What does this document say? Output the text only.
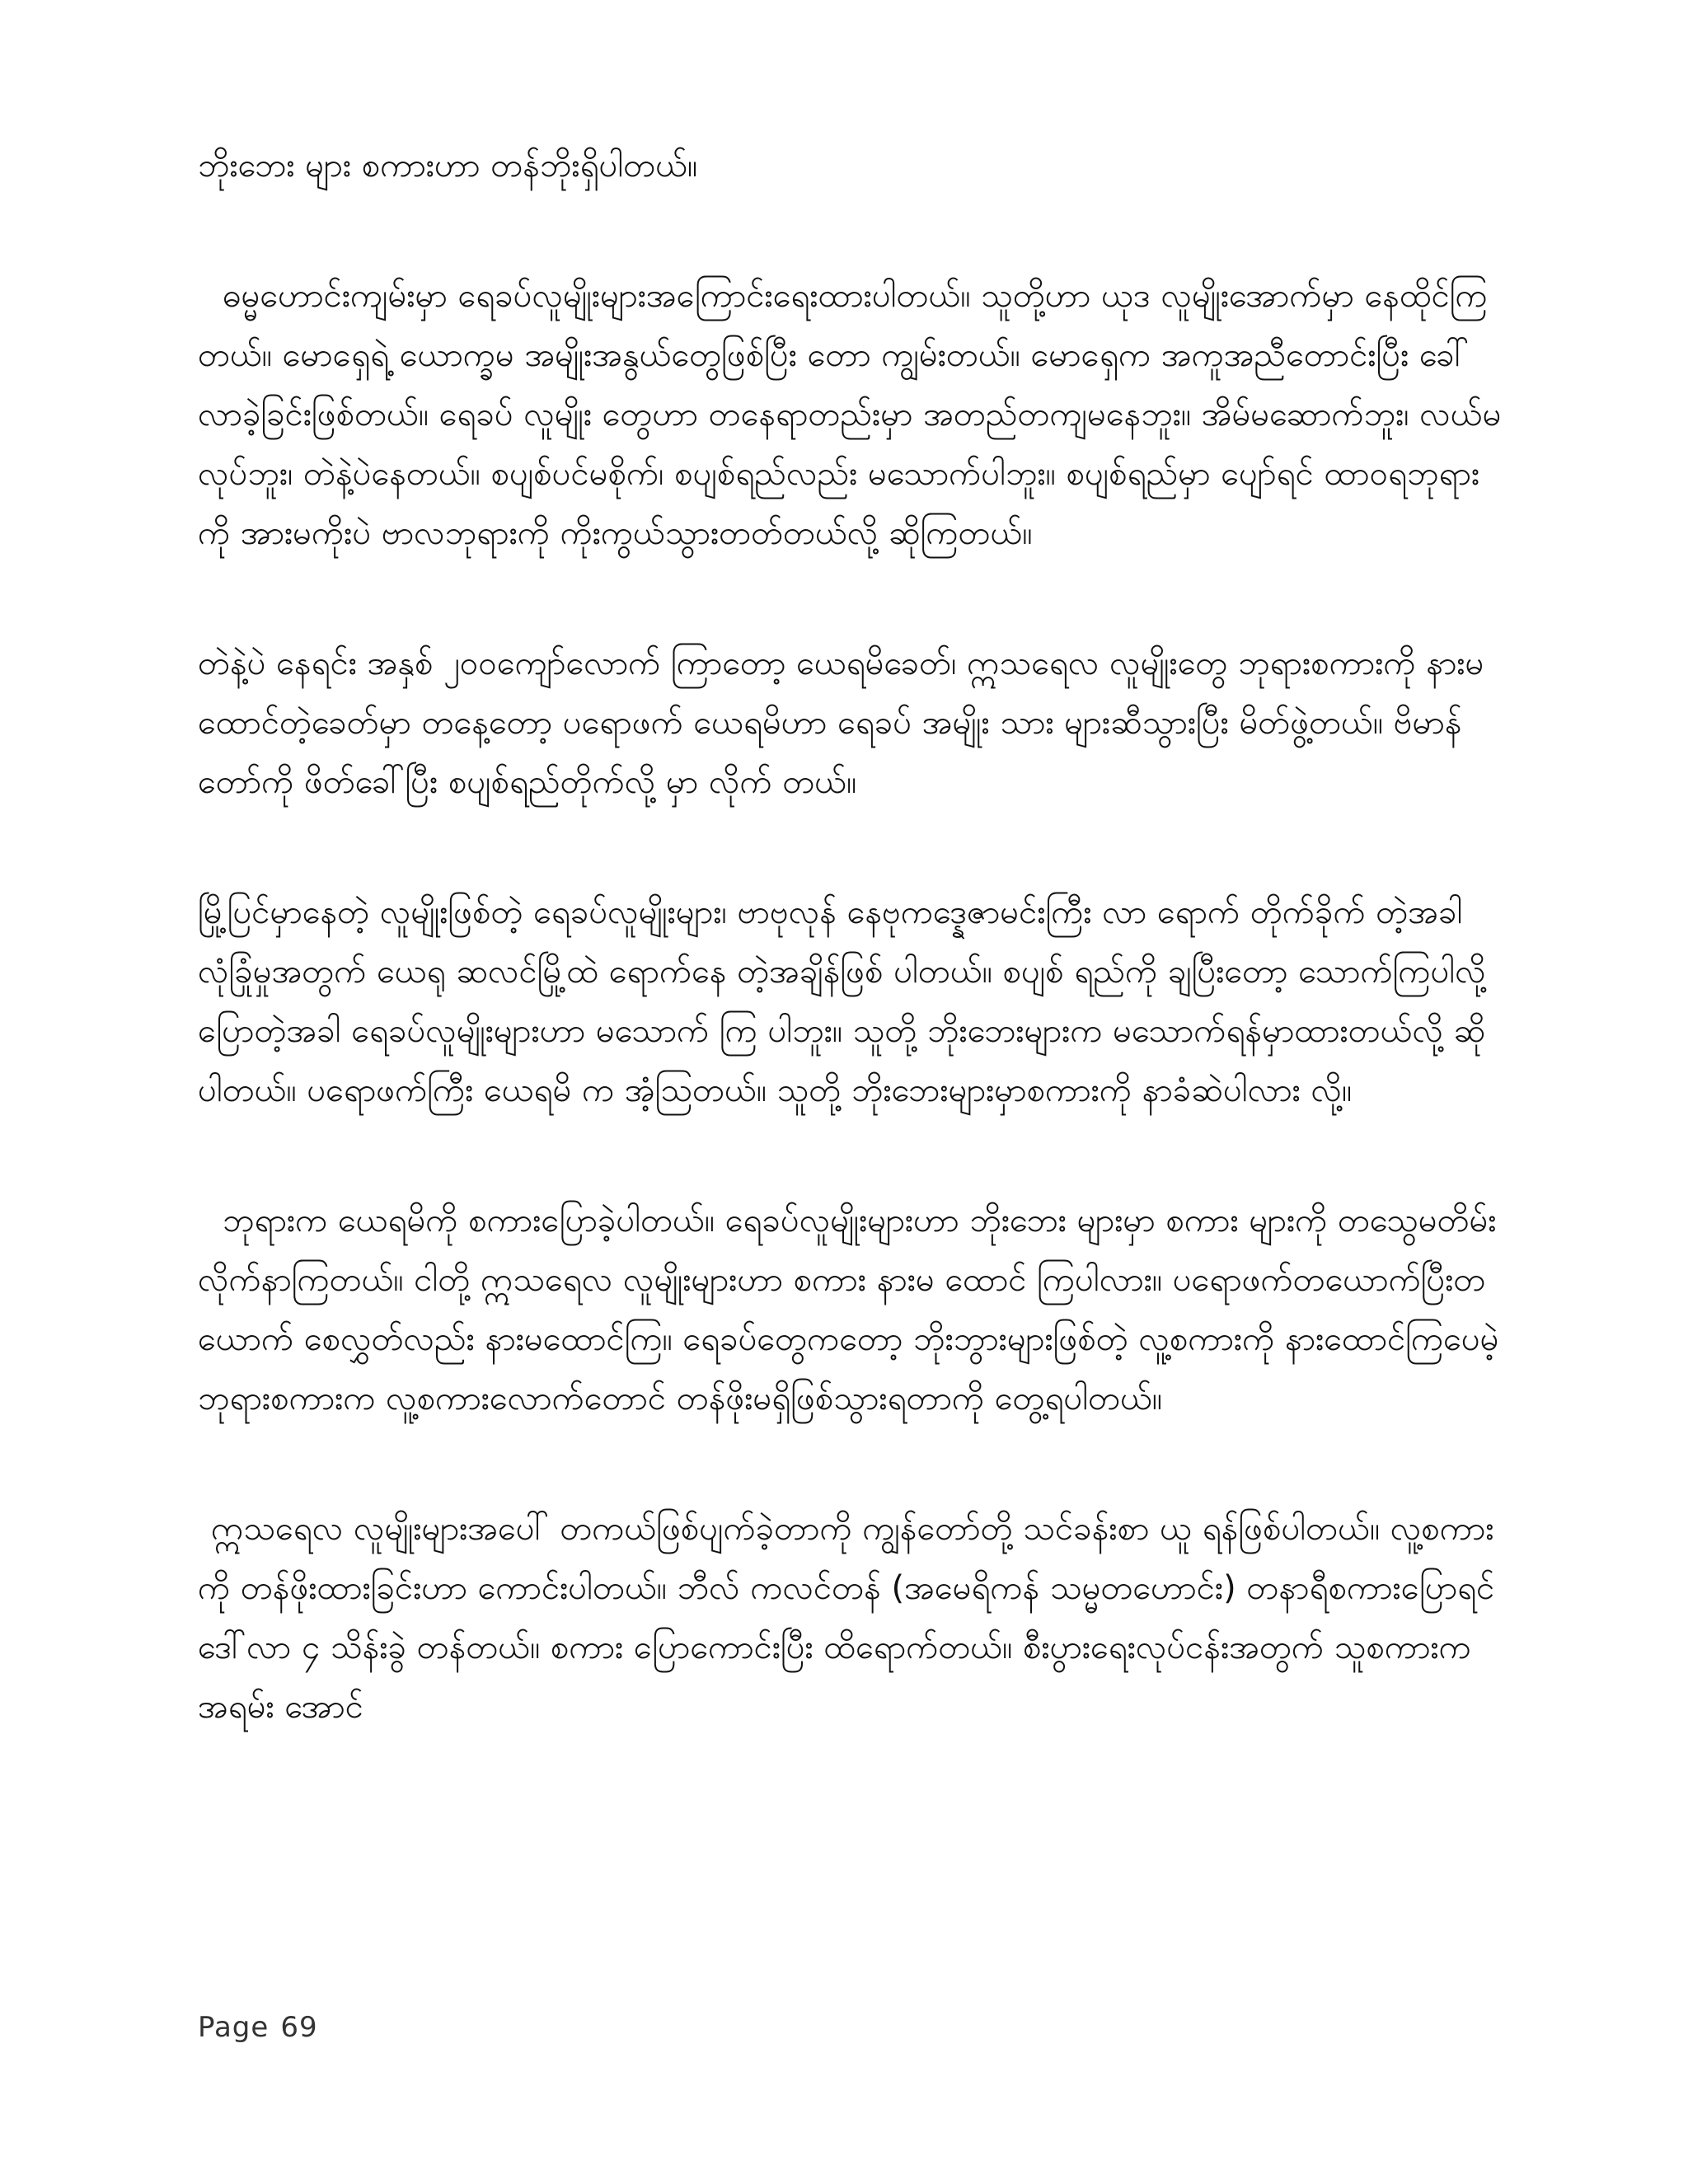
ဘိုးဘေး များ စကားဟာ တန်ဘိုးရှိပါတယ်။

ဓမ္မဟောင်းကျမ်းမှာ ရေခပ်လူမျိုးများအကြောင်းရေးထားပါတယ်။ သူတို့ဟာ ယုဒ လူမျိုးအောက်မှာ နေထိုင်ကြတယ်။ မောရှေရဲ့ ယောက္ခမ အမျိုးအနွယ်တွေဖြစ်ပြီး တော ကျွမ်းတယ်။ မောရှေက အကူအညီတောင်းပြီး ခေါ်လာခဲ့ခြင်းဖြစ်တယ်။ ရေခပ် လူမျိုး တွေဟာ တနေရာတည်းမှာ အတည်တကျမနေဘူး။ အိမ်မဆောက်ဘူး၊ လယ်မလုပ်ဘူး၊ တဲနဲ့ပဲနေတယ်။ စပျစ်ပင်မစိုက်၊ စပျစ်ရည်လည်း မသောက်ပါဘူး။ စပျစ်ရည်မှာ ပျော်ရင် ထာဝရဘုရားကို အားမကိုးပဲ ဗာလဘုရားကို ကိုးကွယ်သွားတတ်တယ်လို့ ဆိုကြတယ်။

တဲနဲ့ပဲ နေရင်း အနှစ် ၂၀၀ကျော်လောက် ကြာတော့ ယေရမိခေတ်၊ ဣသရေလ လူမျိုးတွေ ဘုရားစကားကို နားမထောင်တဲ့ခေတ်မှာ တနေ့တော့ ပရောဖက် ယေရမိဟာ ရေခပ် အမျိုး သား များဆီသွားပြီး မိတ်ဖွဲ့တယ်။ ဗိမာန်တော်ကို ဖိတ်ခေါ်ပြီး စပျစ်ရည်တိုက်လို့ မှာ လိုက် တယ်။

မြို့ပြင်မှာနေတဲ့ လူမျိုးဖြစ်တဲ့ ရေခပ်လူမျိုးများ၊ ဗာဗုလုန် နေဗုကဒ္နေဇာမင်းကြီး လာ ရောက် တိုက်ခိုက် တဲ့အခါ လုံခြုံမှုအတွက် ယေရု ဆလင်မြို့ထဲ ရောက်နေ တဲ့အချိန်ဖြစ် ပါတယ်။ စပျစ် ရည်ကို ချပြီးတော့ သောက်ကြပါလို့ ပြောတဲ့အခါ ရေခပ်လူမျိုးများဟာ မသောက် ကြ ပါဘူး။ သူတို့ ဘိုးဘေးများက မသောက်ရန်မှာထားတယ်လို့ ဆိုပါတယ်။ ပရောဖက်ကြီး ယေရမိ က အံ့သြတယ်။ သူတို့ ဘိုးဘေးများမှာစကားကို နာခံဆဲပါလား လို့။

ဘုရားက ယေရမိကို စကားပြောခဲ့ပါတယ်။ ရေခပ်လူမျိုးများဟာ ဘိုးဘေး များမှာ စကား များကို တသွေမတိမ်း လိုက်နာကြတယ်။ ငါတို့ ဣသရေလ လူမျိုးများဟာ စကား နားမ ထောင် ကြပါလား။ ပရောဖက်တယောက်ပြီးတယောက် စေလွှတ်လည်း နားမထောင်ကြ။ ရေခပ်တွေကတော့ ဘိုးဘွားများဖြစ်တဲ့ လူ့စကားကို နားထောင်ကြပေမဲ့ ဘုရားစကားက လူ့စကားလောက်တောင် တန်ဖိုးမရှိဖြစ်သွားရတာကို တွေ့ရပါတယ်။

ဣသရေလ လူမျိုးများအပေါ် တကယ်ဖြစ်ပျက်ခဲ့တာကို ကျွန်တော်တို့ သင်ခန်းစာ ယူ ရန်ဖြစ်ပါတယ်။ လူ့စကားကို တန်ဖိုးထားခြင်းဟာ ကောင်းပါတယ်။ ဘီလ် ကလင်တန် (အမေရိကန် သမ္မတဟောင်း) တနာရီစကားပြောရင် ဒေါ်လာ ၄ သိန်းခွဲ တန်တယ်။ စကား ပြောကောင်းပြီး ထိရောက်တယ်။ စီးပွားရေးလုပ်ငန်းအတွက် သူစကားက အရမ်း အောင်

Page 69
